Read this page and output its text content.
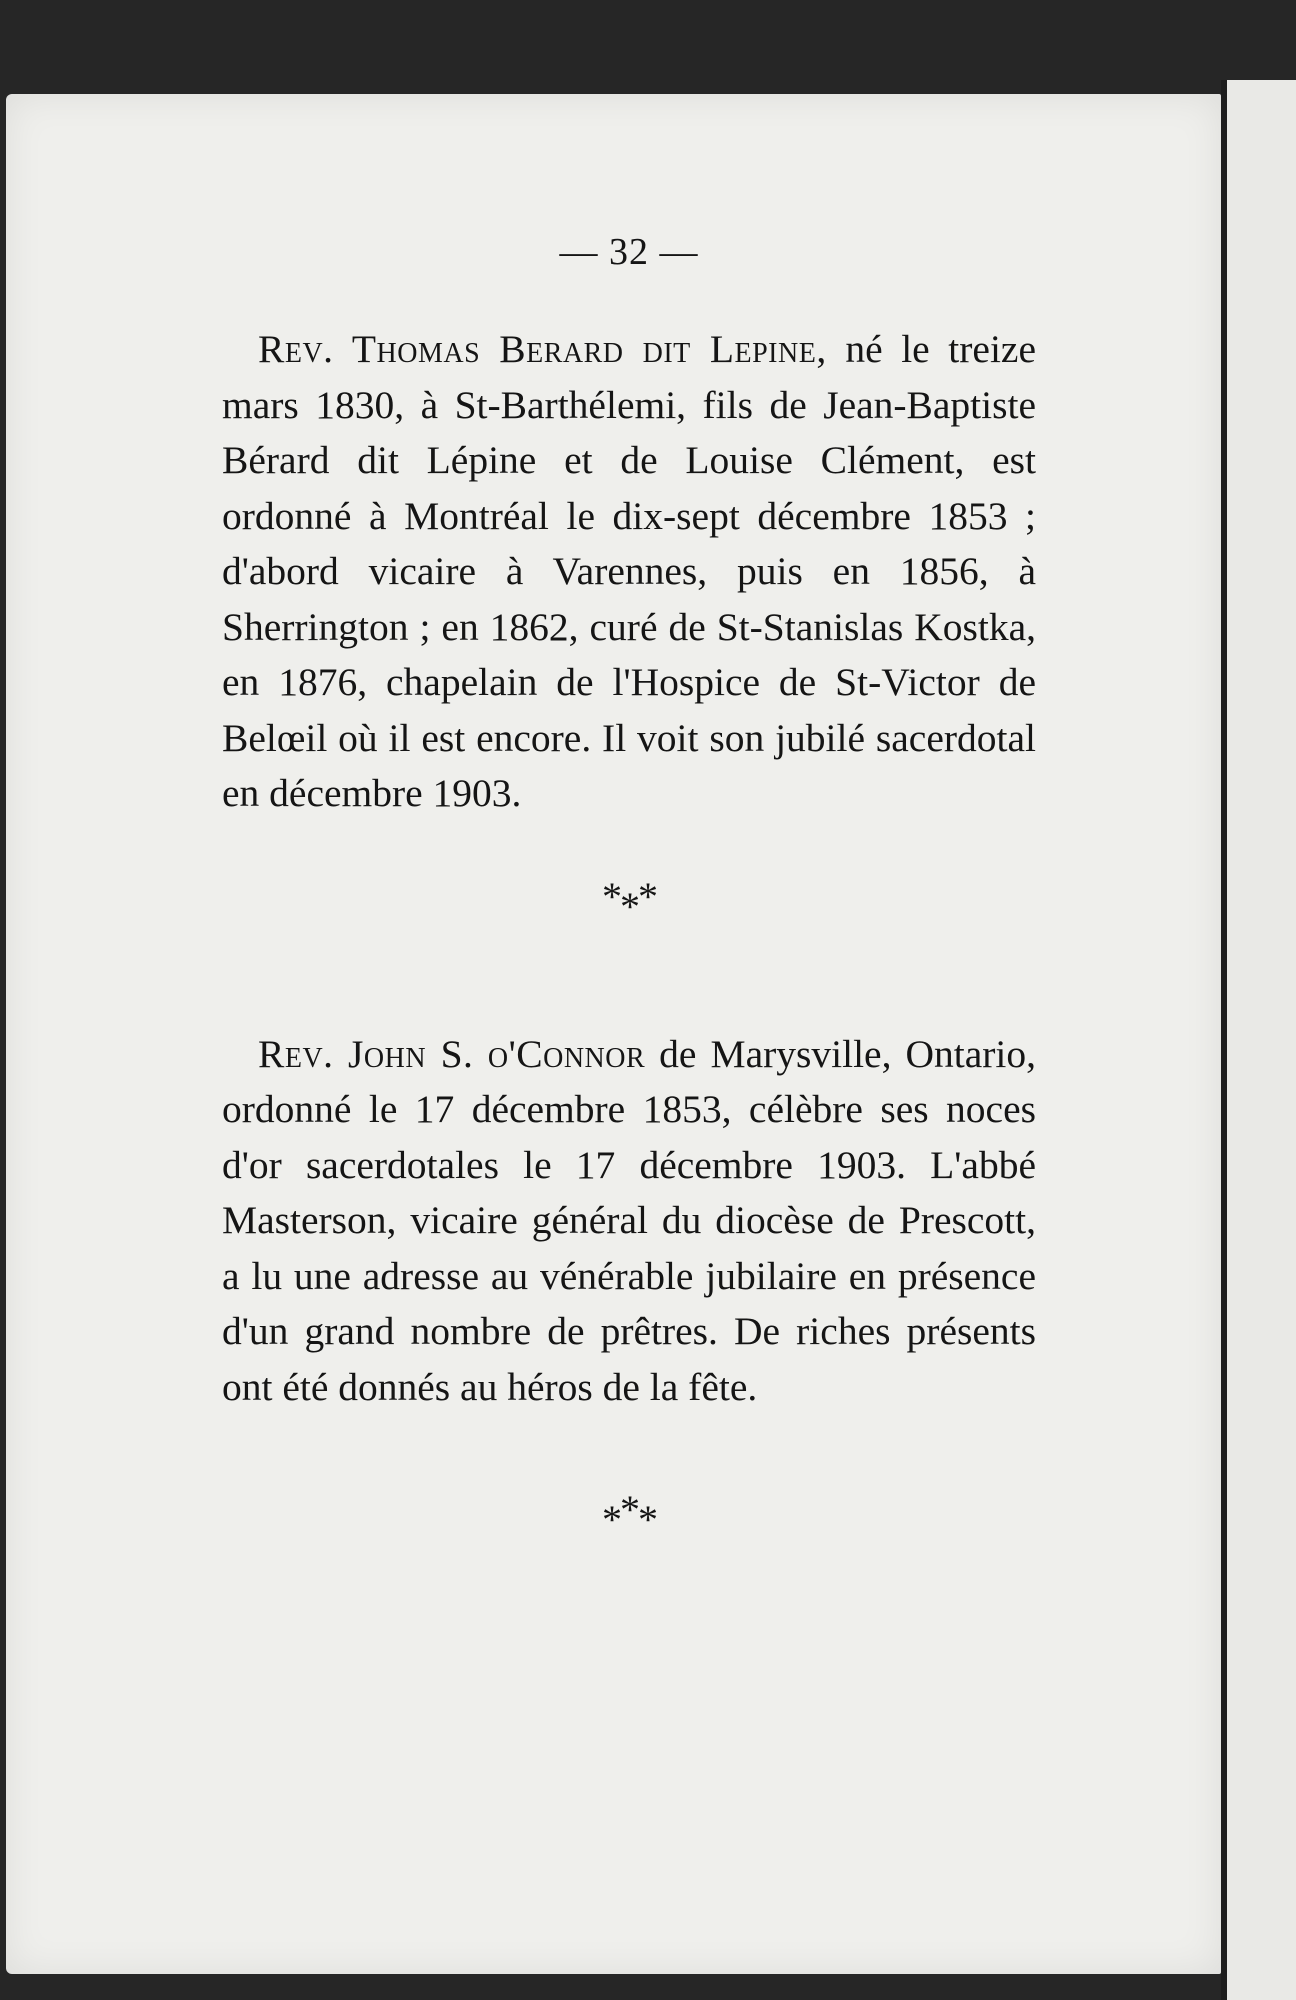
— 32 —

Rev. Thomas Berard dit Lepine, né le treize mars 1830, à St-Barthélemi, fils de Jean-Baptiste Bérard dit Lépine et de Louise Clément, est ordonné à Montréal le dix-sept décembre 1853 ; d'abord vicaire à Varennes, puis en 1856, à Sherrington ; en 1862, curé de St-Stanislas Kostka, en 1876, chapelain de l'Hospice de St-Victor de Belœil où il est encore. Il voit son jubilé sacerdotal en décembre 1903.

***

Rev. John S. o'Connor de Marysville, Ontario, ordonné le 17 décembre 1853, célèbre ses noces d'or sacerdotales le 17 décembre 1903. L'abbé Masterson, vicaire général du diocèse de Prescott, a lu une adresse au vénérable jubilaire en présence d'un grand nombre de prêtres. De riches présents ont été donnés au héros de la fête.

***
